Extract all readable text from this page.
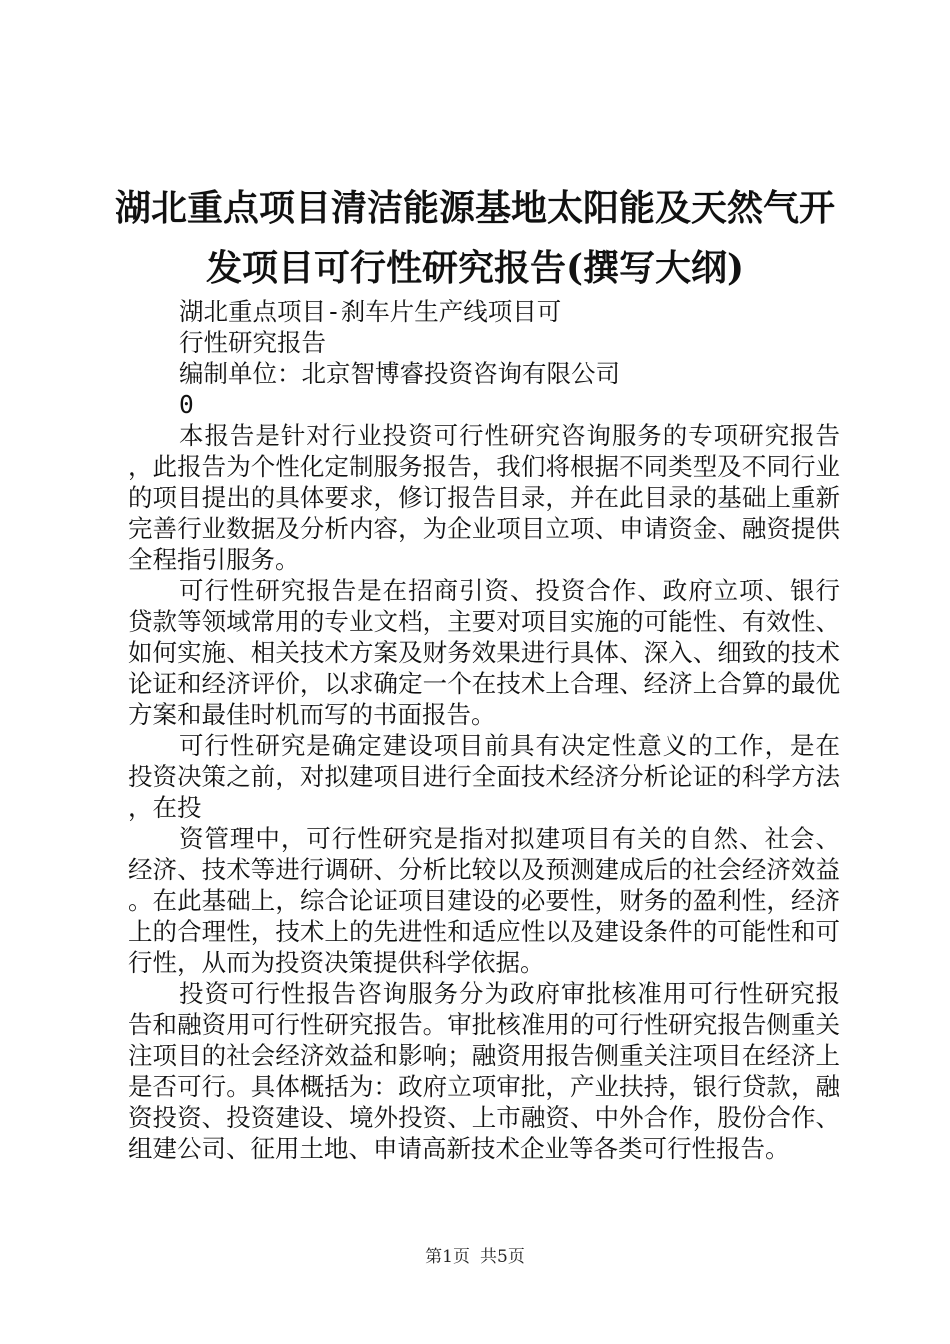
湖北重点项目清洁能源基地太阳能及天然气开
发项目可行性研究报告(撰写大纲)

湖北重点项目-刹车片生产线项目可

行性研究报告

编制单位：北京智博睿投资咨询有限公司

0

本报告是针对行业投资可行性研究咨询服务的专项研究报告，此报告为个性化定制服务报告，我们将根据不同类型及不同行业的项目提出的具体要求，修订报告目录，并在此目录的基础上重新完善行业数据及分析内容，为企业项目立项、申请资金、融资提供全程指引服务。

可行性研究报告是在招商引资、投资合作、政府立项、银行贷款等领域常用的专业文档，主要对项目实施的可能性、有效性、如何实施、相关技术方案及财务效果进行具体、深入、细致的技术论证和经济评价，以求确定一个在技术上合理、经济上合算的最优方案和最佳时机而写的书面报告。

可行性研究是确定建设项目前具有决定性意义的工作，是在投资决策之前，对拟建项目进行全面技术经济分析论证的科学方法，在投

资管理中，可行性研究是指对拟建项目有关的自然、社会、经济、技术等进行调研、分析比较以及预测建成后的社会经济效益。在此基础上，综合论证项目建设的必要性，财务的盈利性，经济上的合理性，技术上的先进性和适应性以及建设条件的可能性和可行性，从而为投资决策提供科学依据。

投资可行性报告咨询服务分为政府审批核准用可行性研究报告和融资用可行性研究报告。审批核准用的可行性研究报告侧重关注项目的社会经济效益和影响；融资用报告侧重关注项目在经济上是否可行。具体概括为：政府立项审批，产业扶持，银行贷款，融资投资、投资建设、境外投资、上市融资、中外合作，股份合作、组建公司、征用土地、申请高新技术企业等各类可行性报告。

第1页 共5页
